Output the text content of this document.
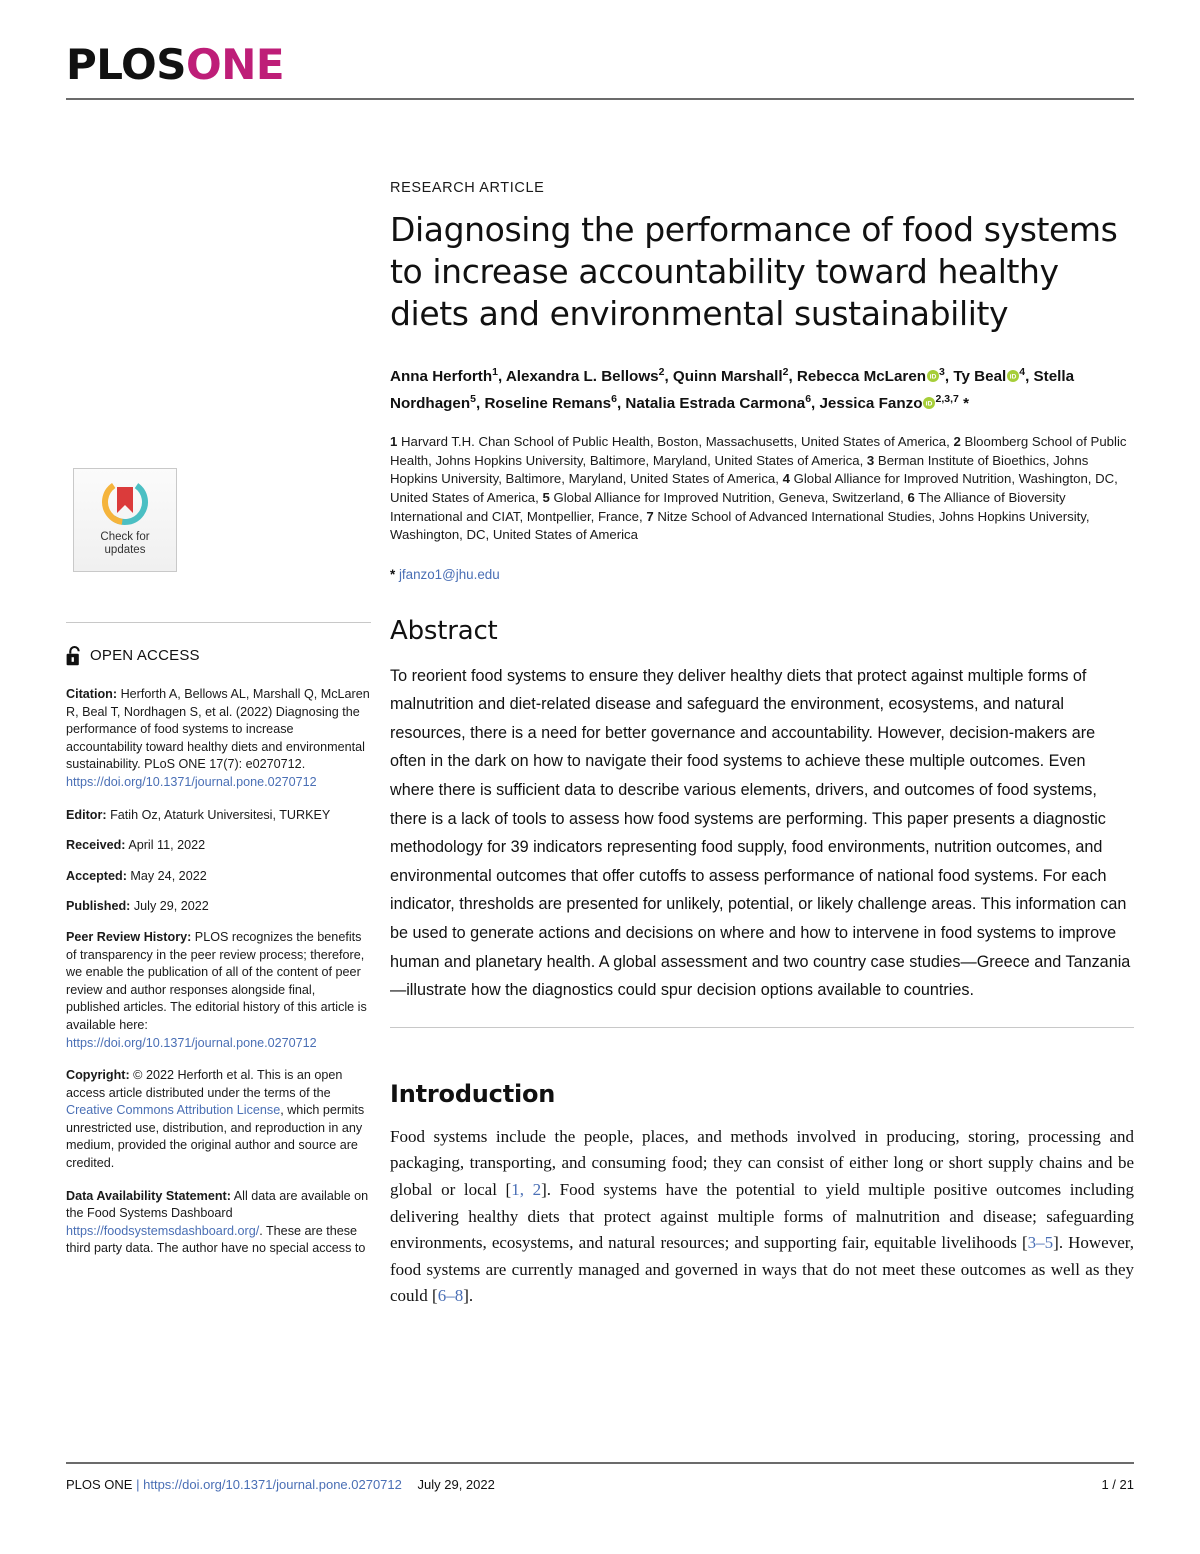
PLOSONE
Check for
updates
OPEN ACCESS
Citation: Herforth A, Bellows AL, Marshall Q, McLaren R, Beal T, Nordhagen S, et al. (2022) Diagnosing the performance of food systems to increase accountability toward healthy diets and environmental sustainability. PLoS ONE 17(7): e0270712. https://doi.org/10.1371/journal.pone.0270712
Editor: Fatih Oz, Ataturk Universitesi, TURKEY
Received: April 11, 2022
Accepted: May 24, 2022
Published: July 29, 2022
Peer Review History: PLOS recognizes the benefits of transparency in the peer review process; therefore, we enable the publication of all of the content of peer review and author responses alongside final, published articles. The editorial history of this article is available here: https://doi.org/10.1371/journal.pone.0270712
Copyright: © 2022 Herforth et al. This is an open access article distributed under the terms of the Creative Commons Attribution License, which permits unrestricted use, distribution, and reproduction in any medium, provided the original author and source are credited.
Data Availability Statement: All data are available on the Food Systems Dashboard https://foodsystemsdashboard.org/. These are these third party data. The author have no special access to
RESEARCH ARTICLE
Diagnosing the performance of food systems to increase accountability toward healthy diets and environmental sustainability
Anna Herforth$^1$, Alexandra L. Bellows$^2$, Quinn Marshall$^2$, Rebecca McLaren iD $^3$, Ty Beal iD $^4$, Stella Nordhagen$^5$, Roseline Remans$^6$, Natalia Estrada Carmona$^6$, Jessica Fanzo iD $^{2,3,7}$ *
1 Harvard T.H. Chan School of Public Health, Boston, Massachusetts, United States of America, 2 Bloomberg School of Public Health, Johns Hopkins University, Baltimore, Maryland, United States of America, 3 Berman Institute of Bioethics, Johns Hopkins University, Baltimore, Maryland, United States of America, 4 Global Alliance for Improved Nutrition, Washington, DC, United States of America, 5 Global Alliance for Improved Nutrition, Geneva, Switzerland, 6 The Alliance of Bioversity International and CIAT, Montpellier, France, 7 Nitze School of Advanced International Studies, Johns Hopkins University, Washington, DC, United States of America
* jfanzo1@jhu.edu
Abstract
To reorient food systems to ensure they deliver healthy diets that protect against multiple forms of malnutrition and diet-related disease and safeguard the environment, ecosystems, and natural resources, there is a need for better governance and accountability. However, decision-makers are often in the dark on how to navigate their food systems to achieve these multiple outcomes. Even where there is sufficient data to describe various elements, drivers, and outcomes of food systems, there is a lack of tools to assess how food systems are performing. This paper presents a diagnostic methodology for 39 indicators representing food supply, food environments, nutrition outcomes, and environmental outcomes that offer cutoffs to assess performance of national food systems. For each indicator, thresholds are presented for unlikely, potential, or likely challenge areas. This information can be used to generate actions and decisions on where and how to intervene in food systems to improve human and planetary health. A global assessment and two country case studies—Greece and Tanzania—illustrate how the diagnostics could spur decision options available to countries.
Introduction
Food systems include the people, places, and methods involved in producing, storing, processing and packaging, transporting, and consuming food; they can consist of either long or short supply chains and be global or local [1, 2]. Food systems have the potential to yield multiple positive outcomes including delivering healthy diets that protect against multiple forms of malnutrition and disease; safeguarding environments, ecosystems, and natural resources; and supporting fair, equitable livelihoods [3–5]. However, food systems are currently managed and governed in ways that do not meet these outcomes as well as they could [6–8].
PLOS ONE | https://doi.org/10.1371/journal.pone.0270712 July 29, 2022	1 / 21
